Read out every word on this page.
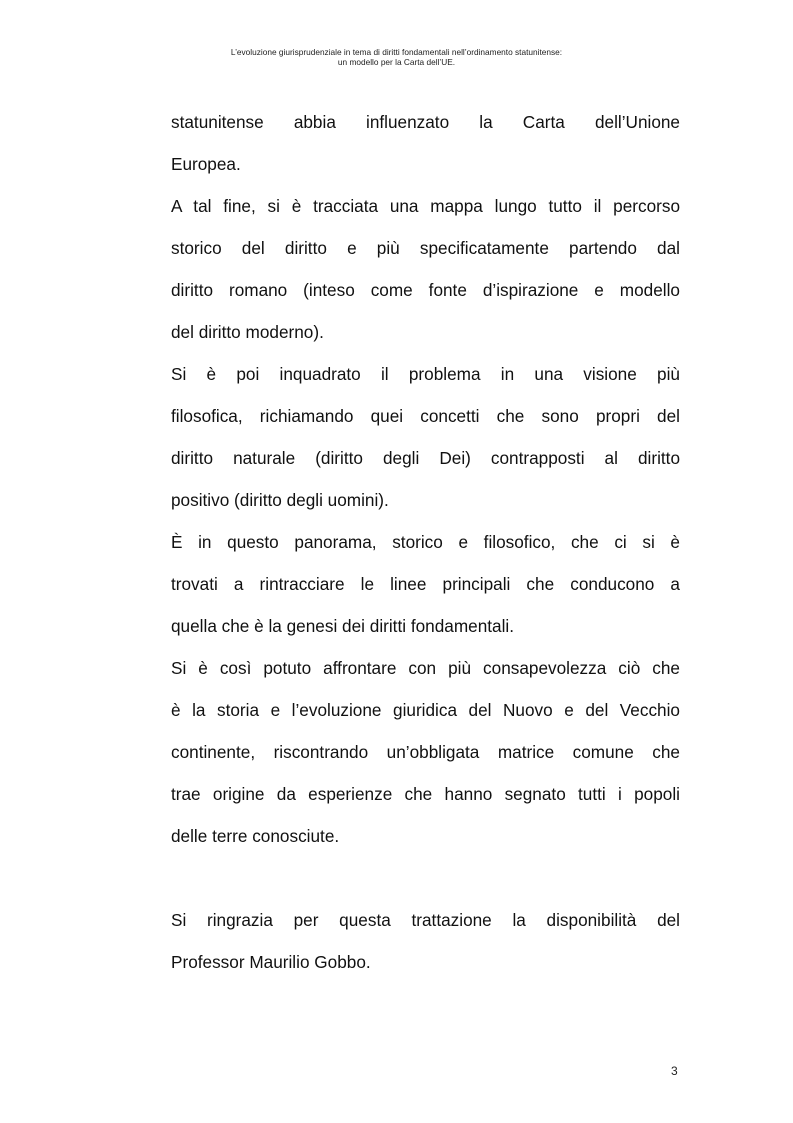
L’evoluzione giurisprudenziale in tema di diritti fondamentali nell’ordinamento statunitense:
un modello per la Carta dell’UE.
statunitense abbia influenzato la Carta dell’Unione
Europea.
A tal fine, si è tracciata una mappa lungo tutto il percorso
storico del diritto e più specificatamente partendo dal
diritto romano (inteso come fonte d’ispirazione e modello
del diritto moderno).
Si è poi inquadrato il problema in una visione più
filosofica, richiamando quei concetti che sono propri del
diritto naturale (diritto degli Dei) contrapposti al diritto
positivo (diritto degli uomini).
È in questo panorama, storico e filosofico, che ci si è
trovati a rintracciare le linee principali che conducono a
quella che è la genesi dei diritti fondamentali.
Si è così potuto affrontare con più consapevolezza ciò che
è la storia e l’evoluzione giuridica del Nuovo e del Vecchio
continente, riscontrando un’obbligata matrice comune che
trae origine da esperienze che hanno segnato tutti i popoli
delle terre conosciute.
Si ringrazia per questa trattazione la disponibilità del
Professor Maurilio Gobbo.
3
